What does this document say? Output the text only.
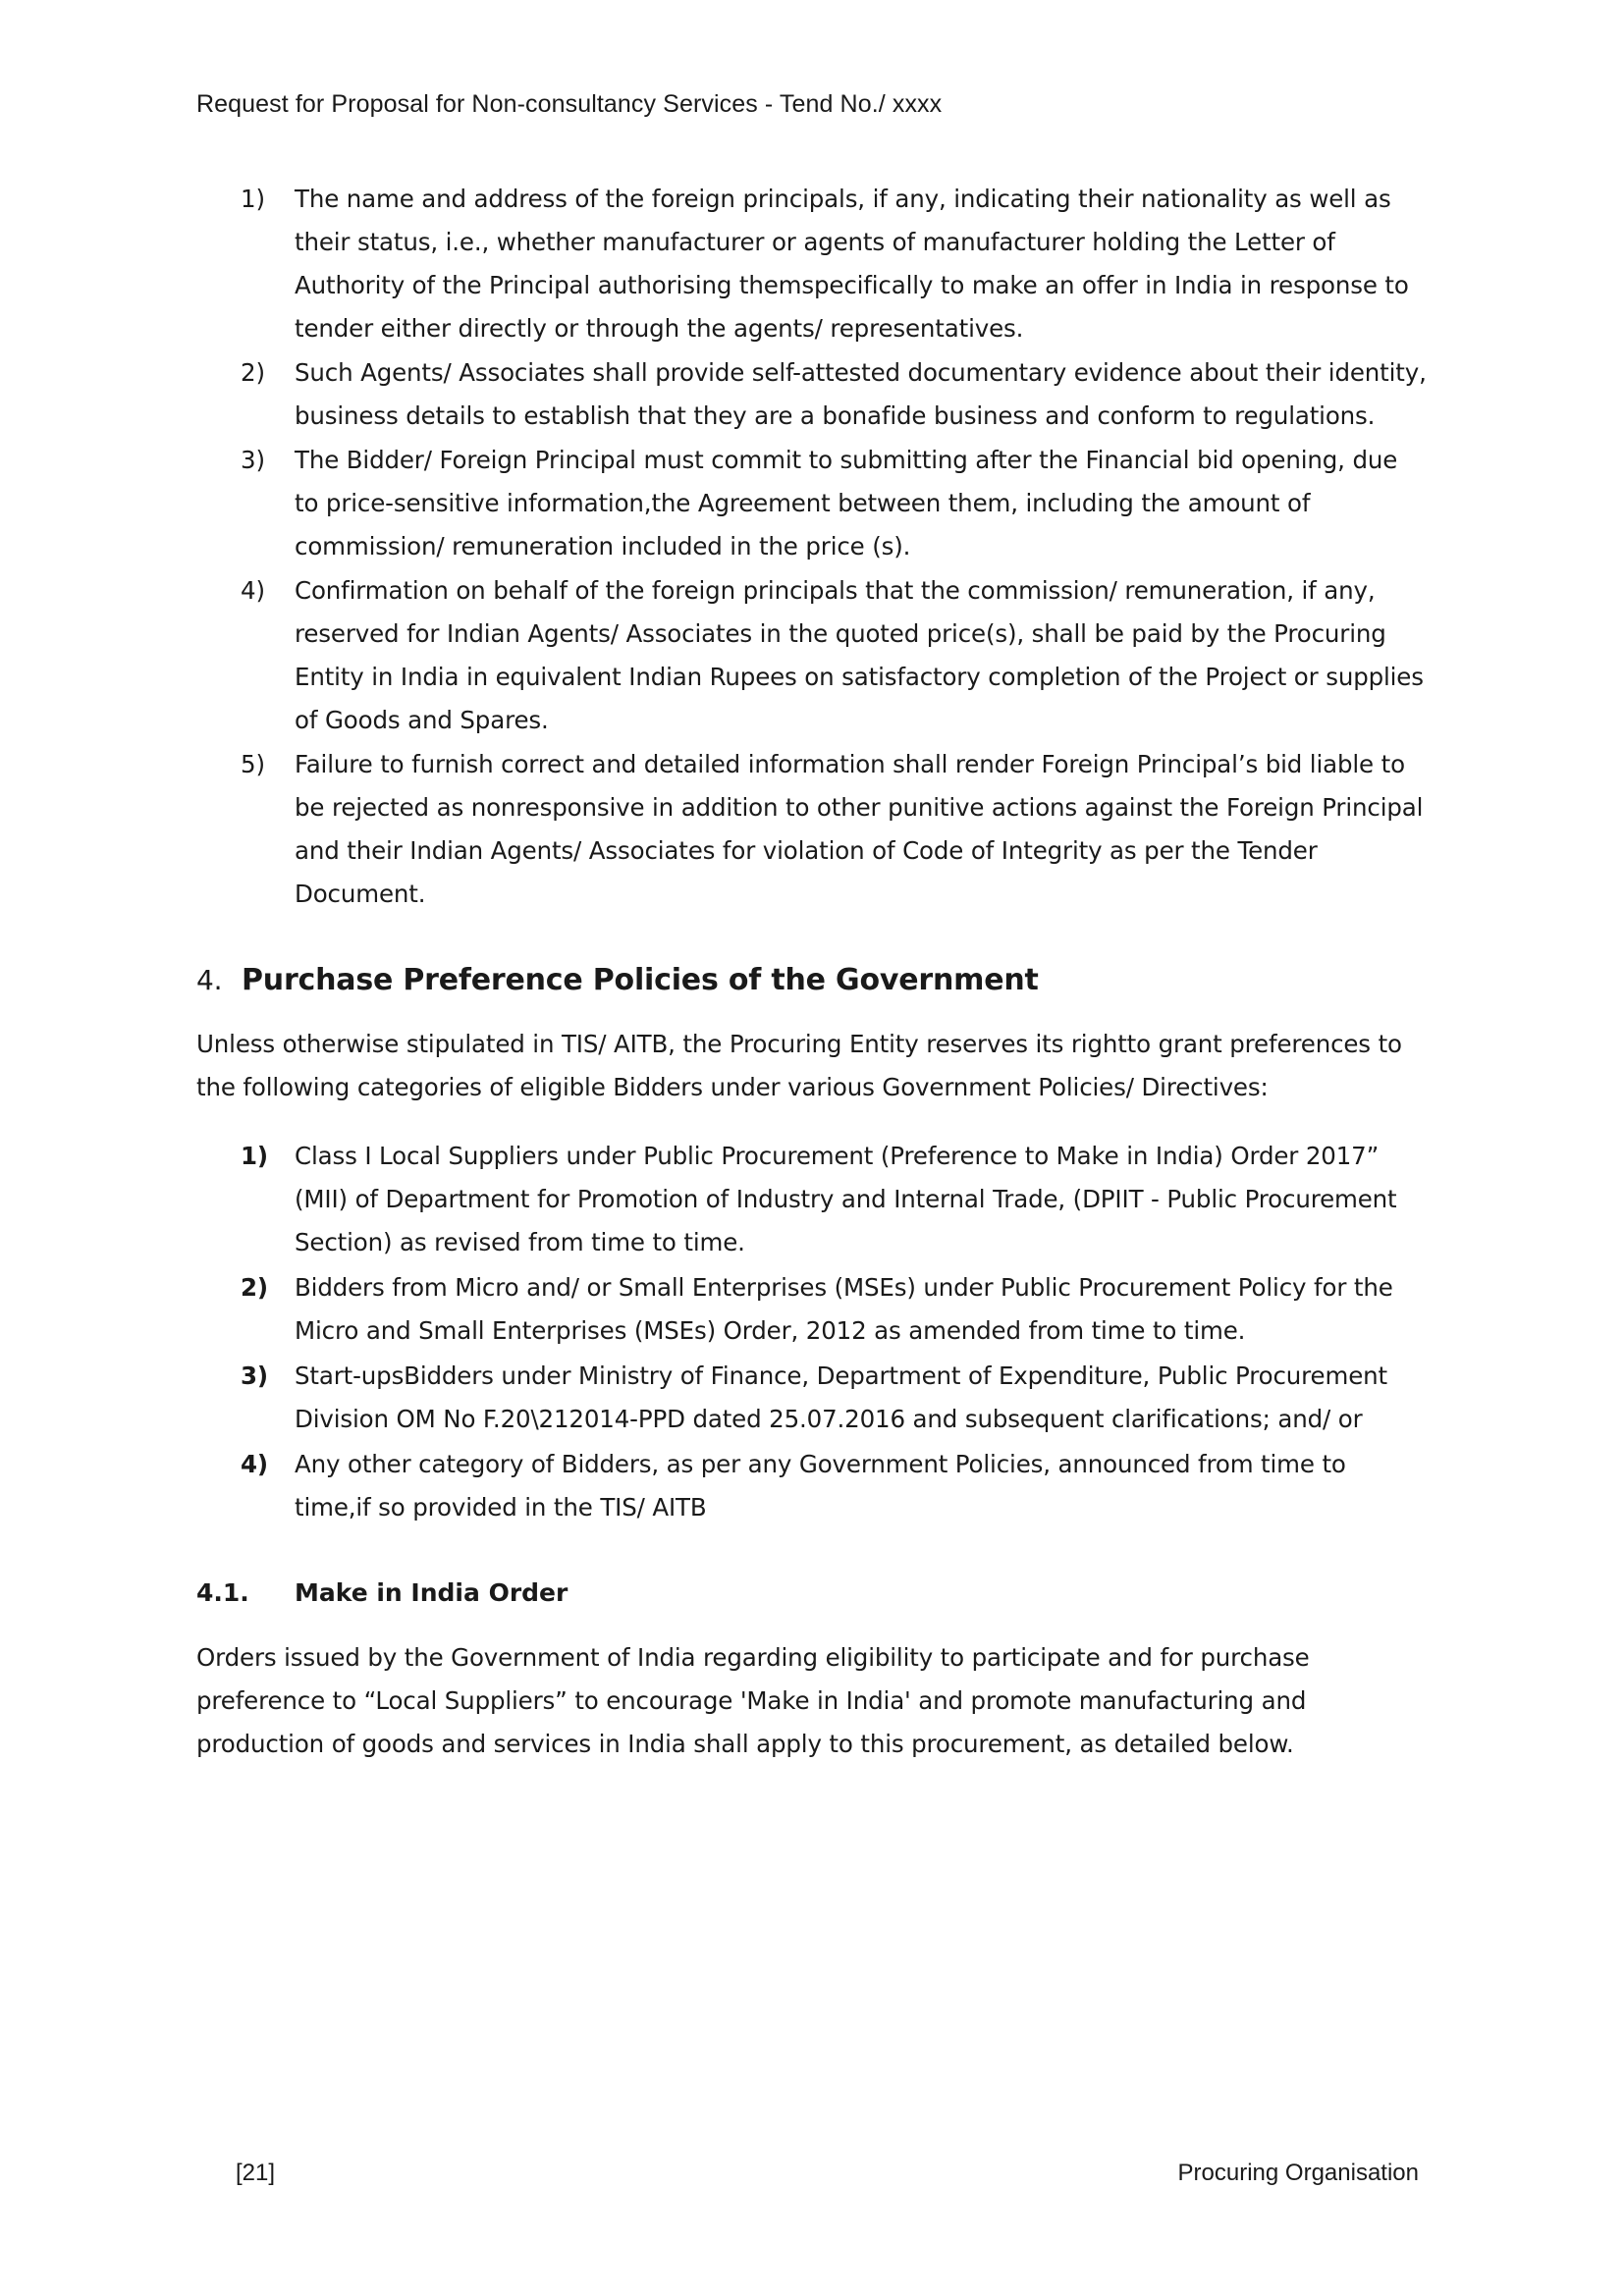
Request for Proposal for Non-consultancy Services - Tend No./ xxxx
1)	The name and address of the foreign principals, if any, indicating their nationality as well as their status, i.e., whether manufacturer or agents of manufacturer holding the Letter of Authority of the Principal authorising themspecifically to make an offer in India in response to tender either directly or through the agents/ representatives.
2)	Such Agents/ Associates shall provide self-attested documentary evidence about their identity, business details to establish that they are a bonafide business and conform to regulations.
3)	The Bidder/ Foreign Principal must commit to submitting after the Financial bid opening, due to price-sensitive information,the Agreement between them, including the amount of commission/ remuneration included in the price (s).
4)	Confirmation on behalf of the foreign principals that the commission/ remuneration, if any, reserved for Indian Agents/ Associates in the quoted price(s), shall be paid by the Procuring Entity in India in equivalent Indian Rupees on satisfactory completion of the Project or supplies of Goods and Spares.
5)	Failure to furnish correct and detailed information shall render Foreign Principal’s bid liable to be rejected as nonresponsive in addition to other punitive actions against the Foreign Principal and their Indian Agents/ Associates for violation of Code of Integrity as per the Tender Document.
4. Purchase Preference Policies of the Government

Unless otherwise stipulated in TIS/ AITB, the Procuring Entity reserves its rightto grant preferences to the following categories of eligible Bidders under various Government Policies/ Directives:

1)	Class I Local Suppliers under Public Procurement (Preference to Make in India) Order 2017” (MII) of Department for Promotion of Industry and Internal Trade, (DPIIT - Public Procurement Section) as revised from time to time.
2)	Bidders from Micro and/ or Small Enterprises (MSEs) under Public Procurement Policy for the Micro and Small Enterprises (MSEs) Order, 2012 as amended from time to time.
3)	Start-upsBidders under Ministry of Finance, Department of Expenditure, Public Procurement Division OM No F.20\212014-PPD dated 25.07.2016 and subsequent clarifications; and/ or
4)	Any other category of Bidders, as per any Government Policies, announced from time to time,if so provided in the TIS/ AITB
4.1. Make in India Order

Orders issued by the Government of India regarding eligibility to participate and for purchase preference to “Local Suppliers” to encourage 'Make in India' and promote manufacturing and production of goods and services in India shall apply to this procurement, as detailed below.

[21]	Procuring Organisation
